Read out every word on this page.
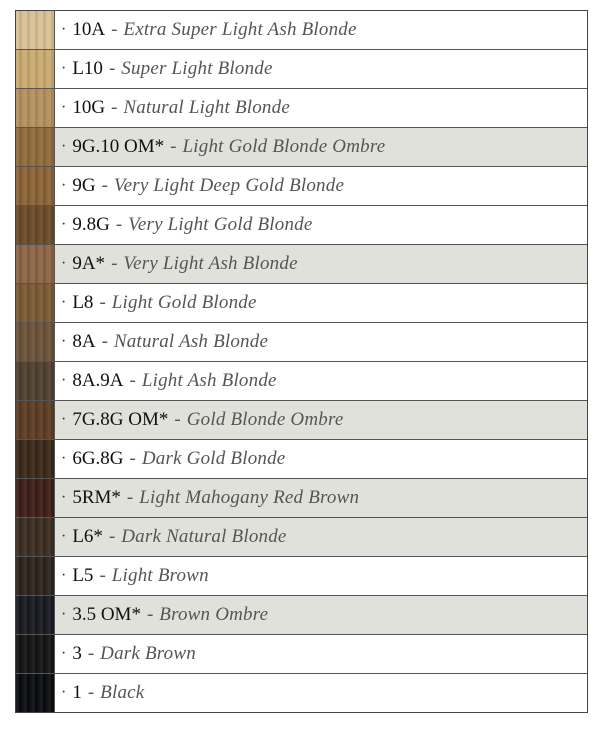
· 10A - Extra Super Light Ash Blonde
· L10 - Super Light Blonde
· 10G - Natural Light Blonde
· 9G.10 OM* - Light Gold Blonde Ombre
· 9G - Very Light Deep Gold Blonde
· 9.8G - Very Light Gold Blonde
· 9A* - Very Light Ash Blonde
· L8 - Light Gold Blonde
· 8A - Natural Ash Blonde
· 8A.9A - Light Ash Blonde
· 7G.8G OM* - Gold Blonde Ombre
· 6G.8G - Dark Gold Blonde
· 5RM* - Light Mahogany Red Brown
· L6* - Dark Natural Blonde
· L5 - Light Brown
· 3.5 OM* - Brown Ombre
· 3 - Dark Brown
· 1 - Black
